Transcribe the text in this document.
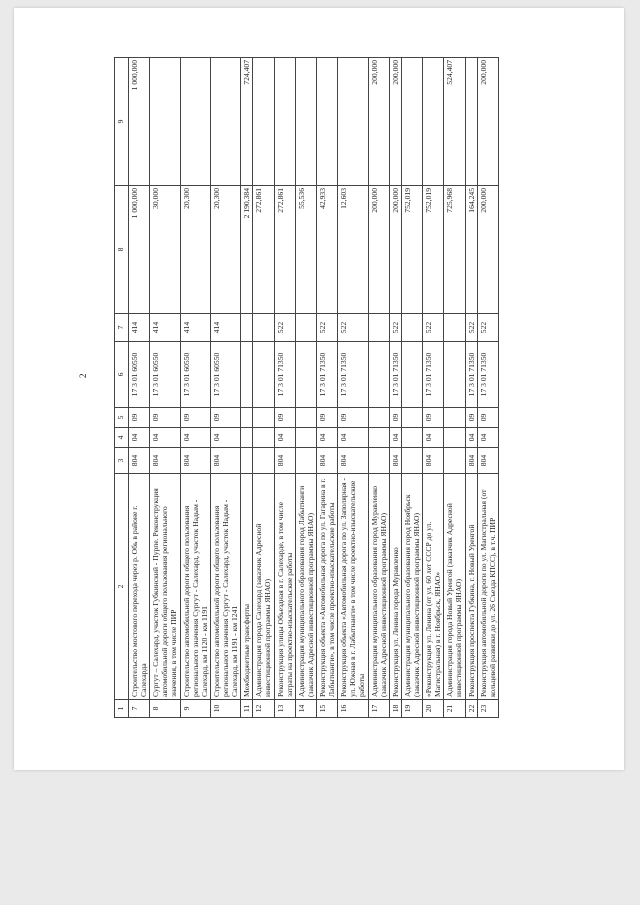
2
1	2	3	4	5	6	7	8	9
7	Строительство мостового перехода через р. Обь в районе г. Салехарда	804	04	09	17 3 01 60550	414	1 000,000	1 000,000
8	Сургут – Салехард, участок Губкинский - Пурпе. Реконструкция автомобильной дороги общего пользования регионального значения, в том числе ПИР	804	04	09	17 3 01 60550	414	30,000	
9	Строительство автомобильной дороги общего пользования регионального значения Сургут - Салехард, участок Надым - Салехард, км 1120 - км 1191	804	04	09	17 3 01 60550	414	20,300	
10	Строительство автомобильной дороги общего пользования регионального значения Сургут - Салехард, участок Надым - Салехард, км 1191 - км 1241	804	04	09	17 3 01 60550	414	20,300	
11	Межбюджетные трансферты						2 190,384	724,407
12	Администрация города Салехард (заказчик Адресной инвестиционной программы ЯНАО)						272,861	
13	Реконструкция улицы Объездная в г. Салехарде, в том числе затраты на проектно-изыскательские работы	804	04	09	17 3 01 71350	522	272,861	
14	Администрация муниципального образования город Лабытнанги (заказчик Адресной инвестиционной программы ЯНАО)						55,536	
15	Реконструкция объекта «Автомобильная дорога по ул. Гагарина в г. Лабытнанги», в том числе проектно-изыскательские работы	804	04	09	17 3 01 71350	522	42,933	
16	Реконструкция объекта «Автомобильная дорога по ул. Заполярная - ул. Южная в г. Лабытнанги» в том числе проектно-изыскательские работы	804	04	09	17 3 01 71350	522	12,603	
17	Администрация муниципального образования город Муравленко (заказчик Адресной инвестиционной программы ЯНАО)						200,000	200,000
18	Реконструкция ул. Ленина города Муравленко	804	04	09	17 3 01 71350	522	200,000	200,000
19	Администрация муниципального образования город Ноябрьск (заказчик Адресной инвестиционной программы ЯНАО)						752,019	
20	«Реконструкция ул. Ленина (от ул. 60 лет СССР до ул. Магистральная) в г. Ноябрьск, ЯНАО»	804	04	09	17 3 01 71350	522	752,019	
21	Администрация города Новый Уренгой (заказчик Адресной инвестиционной программы ЯНАО)						725,968	524,407
22	Реконструкция проспекта Губкина, г. Новый Уренгой	804	04	09	17 3 01 71350	522	164,245	
23	Реконструкция автомобильной дороги по ул. Магистральная (от кольцевой развязки до ул. 26 Съезда КПСС), в т.ч. ПИР	804	04	09	17 3 01 71350	522	200,000	200,000
